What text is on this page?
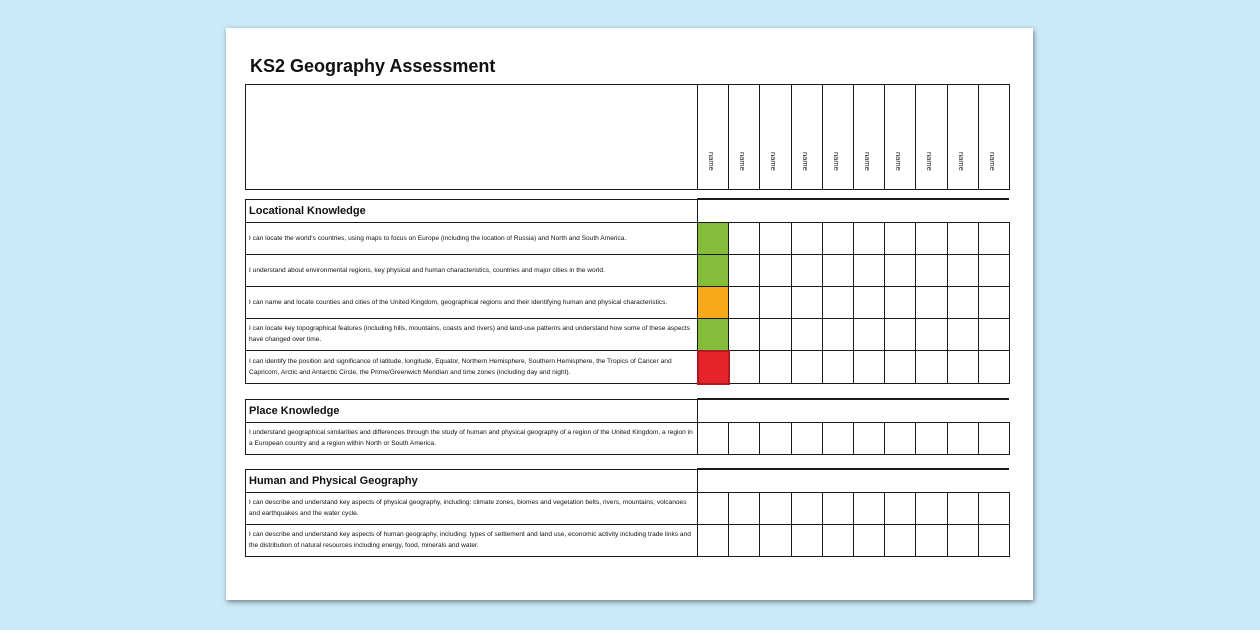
KS2 Geography Assessment

name	name	name	name	name	name	name	name	name	name
Locational Knowledge										
I can locate the world's countries, using maps to focus on Europe (including the location of Russia) and North and South America.										
I understand about environmental regions, key physical and human characteristics, countries and major cities in the world.										
I can name and locate counties and cities of the United Kingdom, geographical regions and their identifying human and physical characteristics.										
I can locate key topographical features (including hills, mountains, coasts and rivers) and land-use patterns and understand how some of these aspects have changed over time.										
I can identify the position and significance of latitude, longitude, Equator, Northern Hemisphere, Southern Hemisphere, the Tropics of Cancer and Capricorn, Arctic and Antarctic Circle, the Prime/Greenwich Meridian and time zones (including day and night).										
Place Knowledge										
I understand geographical similarities and differences through the study of human and physical geography of a region of the United Kingdom, a region in a European country and a region within North or South America.										
Human and Physical Geography										
I can describe and understand key aspects of physical geography, including: climate zones, biomes and vegetation belts, rivers, mountains, volcanoes and earthquakes and the water cycle.										
I can describe and understand key aspects of human geography, including: types of settlement and land use, economic activity including trade links and the distribution of natural resources including energy, food, minerals and water.										
